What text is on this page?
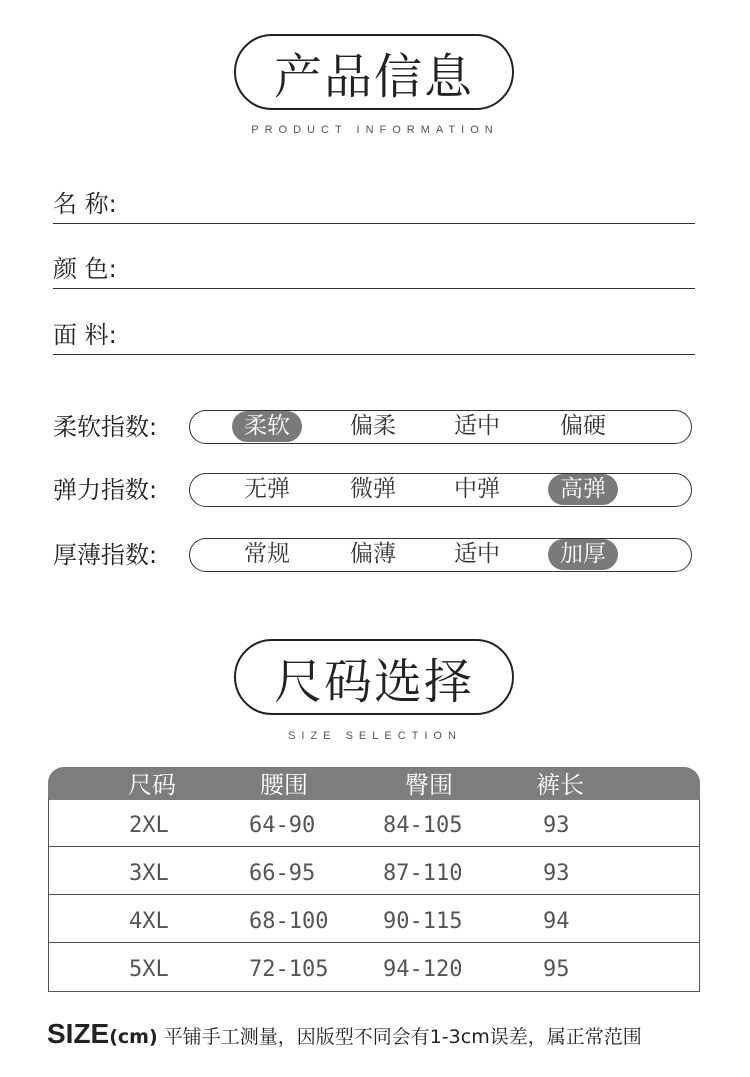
产品信息
PRODUCT INFORMATION
名 称:
颜 色:
面 料:
柔软指数:	柔软	偏柔	适中	偏硬
弹力指数:	无弹	微弹	中弹	高弹
厚薄指数:	常规	偏薄	适中	加厚
尺码选择
SIZE SELECTION
尺码	腰围	臀围	裤长
2XL	64-90	84-105	93
3XL	66-95	87-110	93
4XL	68-100 90-115	94
5XL	72-105 94-120	95
SIZE(cm) 平铺手工测量，因版型不同会有1-3cm误差，属正常范围
